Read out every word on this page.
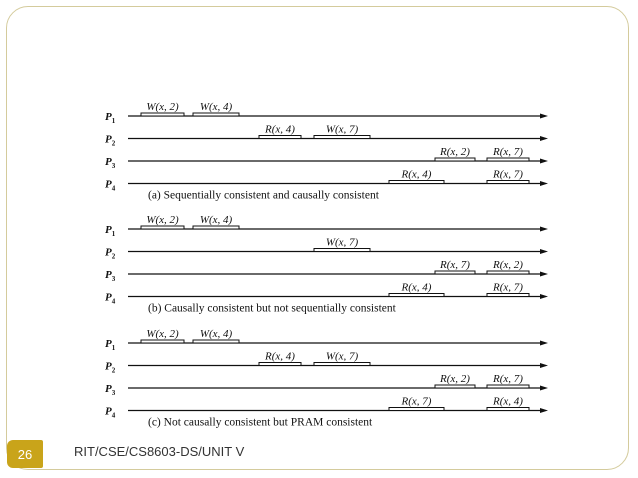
$P_1$
W(x, 2) W(x, 4)
$P_2$
R(x, 4)	W(x, 7)
$P_3$
R(x, 2) R(x, 7)
$P_4$
R(x, 4)	R(x, 7)
(a) Sequentially consistent and causally consistent
$P_1$
W(x, 2) W(x, 4)
$P_2$
W(x, 7)
$P_3$
R(x, 7) R(x, 2)
$P_4$
R(x, 4)	R(x, 7)
(b) Causally consistent but not sequentially consistent
$P_1$
W(x, 2) W(x, 4)
$P_2$
R(x, 4)	W(x, 7)
$P_3$
R(x, 2) R(x, 7)
$P_4$
R(x, 7)	R(x, 4)
(c) Not causally consistent but PRAM consistent
26	RIT/CSE/CS8603-DS/UNIT V
